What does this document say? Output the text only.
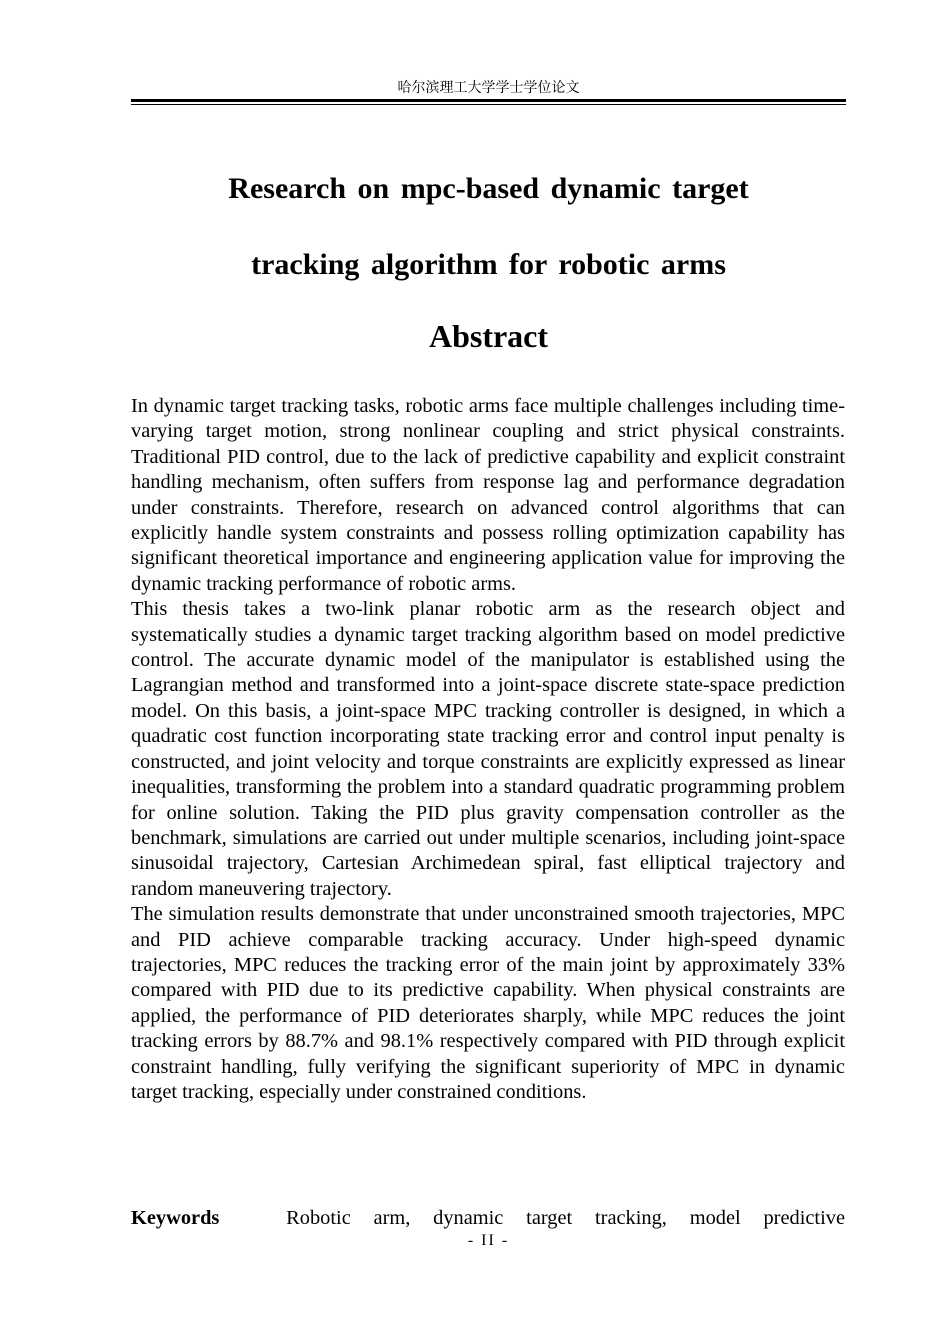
哈尔滨理工大学学士学位论文
Research on mpc-based dynamic target
tracking algorithm for robotic arms
Abstract

In dynamic target tracking tasks, robotic arms face multiple challenges including time-varying target motion, strong nonlinear coupling and strict physical constraints. Traditional PID control, due to the lack of predictive capability and explicit constraint handling mechanism, often suffers from response lag and performance degradation under constraints. Therefore, research on advanced control algorithms that can explicitly handle system constraints and possess rolling optimization capability has significant theoretical importance and engineering application value for improving the dynamic tracking performance of robotic arms.

This thesis takes a two-link planar robotic arm as the research object and systematically studies a dynamic target tracking algorithm based on model predictive control. The accurate dynamic model of the manipulator is established using the Lagrangian method and transformed into a joint-space discrete state-space prediction model. On this basis, a joint-space MPC tracking controller is designed, in which a quadratic cost function incorporating state tracking error and control input penalty is constructed, and joint velocity and torque constraints are explicitly expressed as linear inequalities, transforming the problem into a standard quadratic programming problem for online solution. Taking the PID plus gravity compensation controller as the benchmark, simulations are carried out under multiple scenarios, including joint-space sinusoidal trajectory, Cartesian Archimedean spiral, fast elliptical trajectory and random maneuvering trajectory.

The simulation results demonstrate that under unconstrained smooth trajectories, MPC and PID achieve comparable tracking accuracy. Under high-speed dynamic trajectories, MPC reduces the tracking error of the main joint by approximately 33% compared with PID due to its predictive capability. When physical constraints are applied, the performance of PID deteriorates sharply, while MPC reduces the joint tracking errors by 88.7% and 98.1% respectively compared with PID through explicit constraint handling, fully verifying the significant superiority of MPC in dynamic target tracking, especially under constrained conditions.

Keywords	Robotic arm, dynamic target tracking, model predictive
- II -
